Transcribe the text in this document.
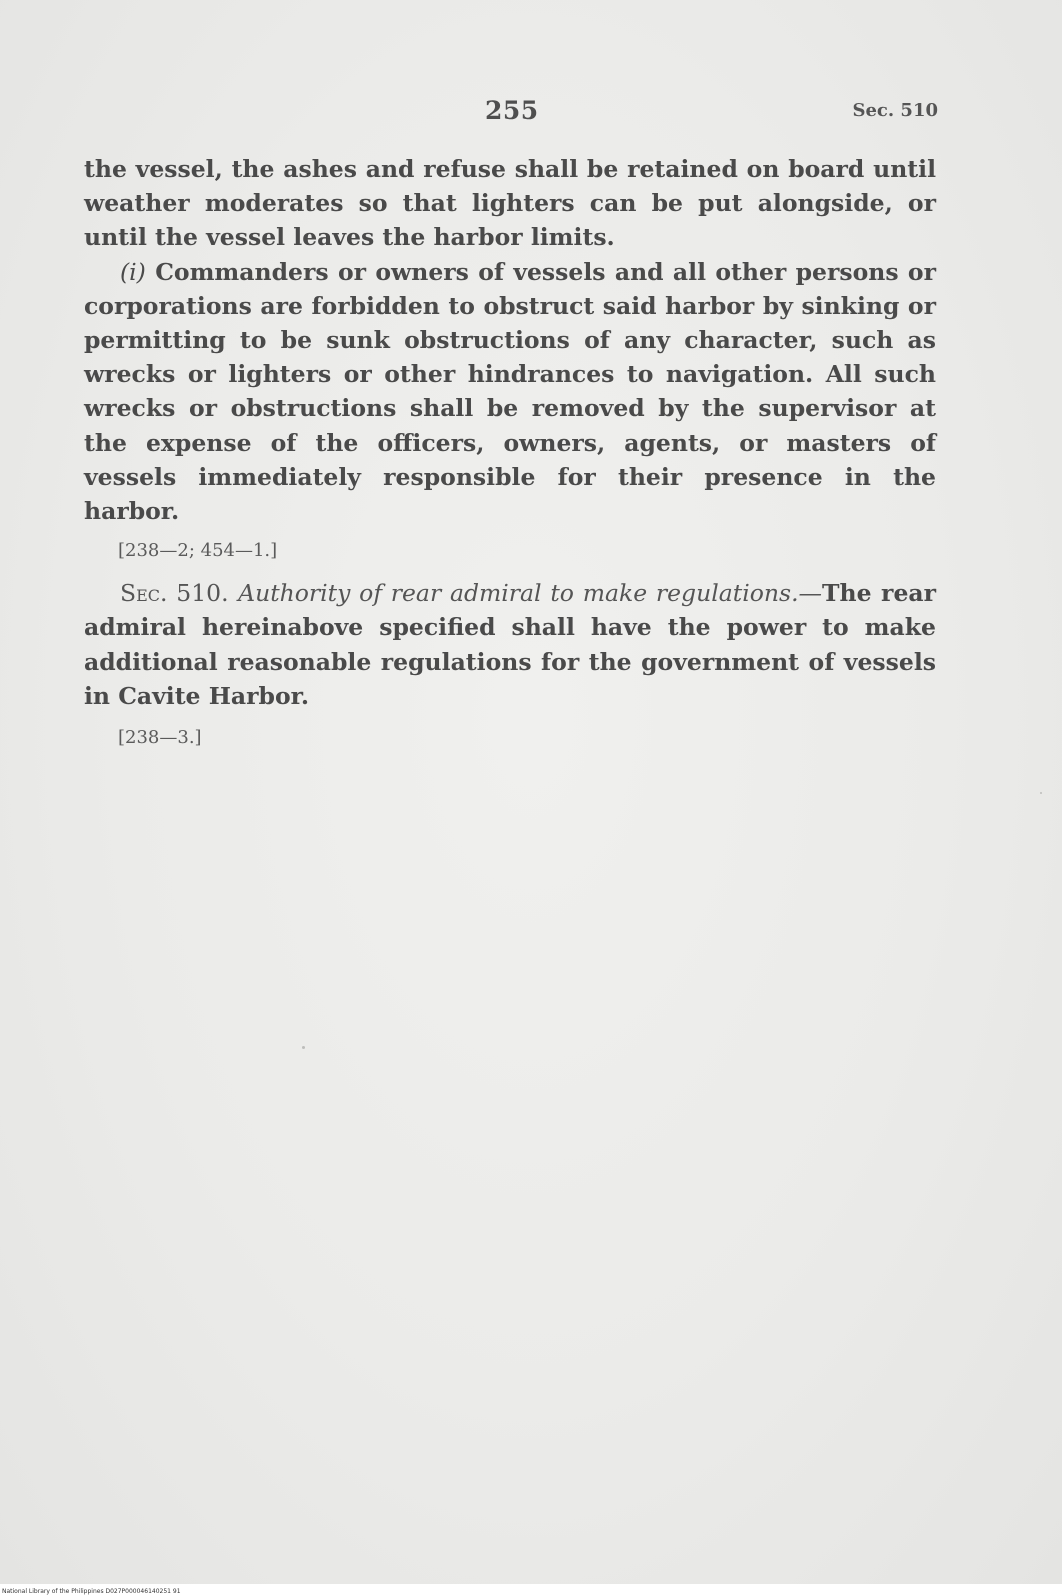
255	Sec. 510

the vessel, the ashes and refuse shall be retained on board until weather moderates so that lighters can be put alongside, or until the vessel leaves the harbor limits.

(i) Commanders or owners of vessels and all other persons or corporations are forbidden to obstruct said harbor by sinking or permitting to be sunk obstructions of any character, such as wrecks or lighters or other hindrances to navigation. All such wrecks or obstructions shall be removed by the supervisor at the expense of the officers, owners, agents, or masters of vessels immediately responsible for their presence in the harbor.

[238—2; 454—1.]

Sec. 510. Authority of rear admiral to make regulations.—The rear admiral hereinabove specified shall have the power to make additional reasonable regulations for the government of vessels in Cavite Harbor.

[238—3.]
National Library of the Philippines D027P000046140251 91
